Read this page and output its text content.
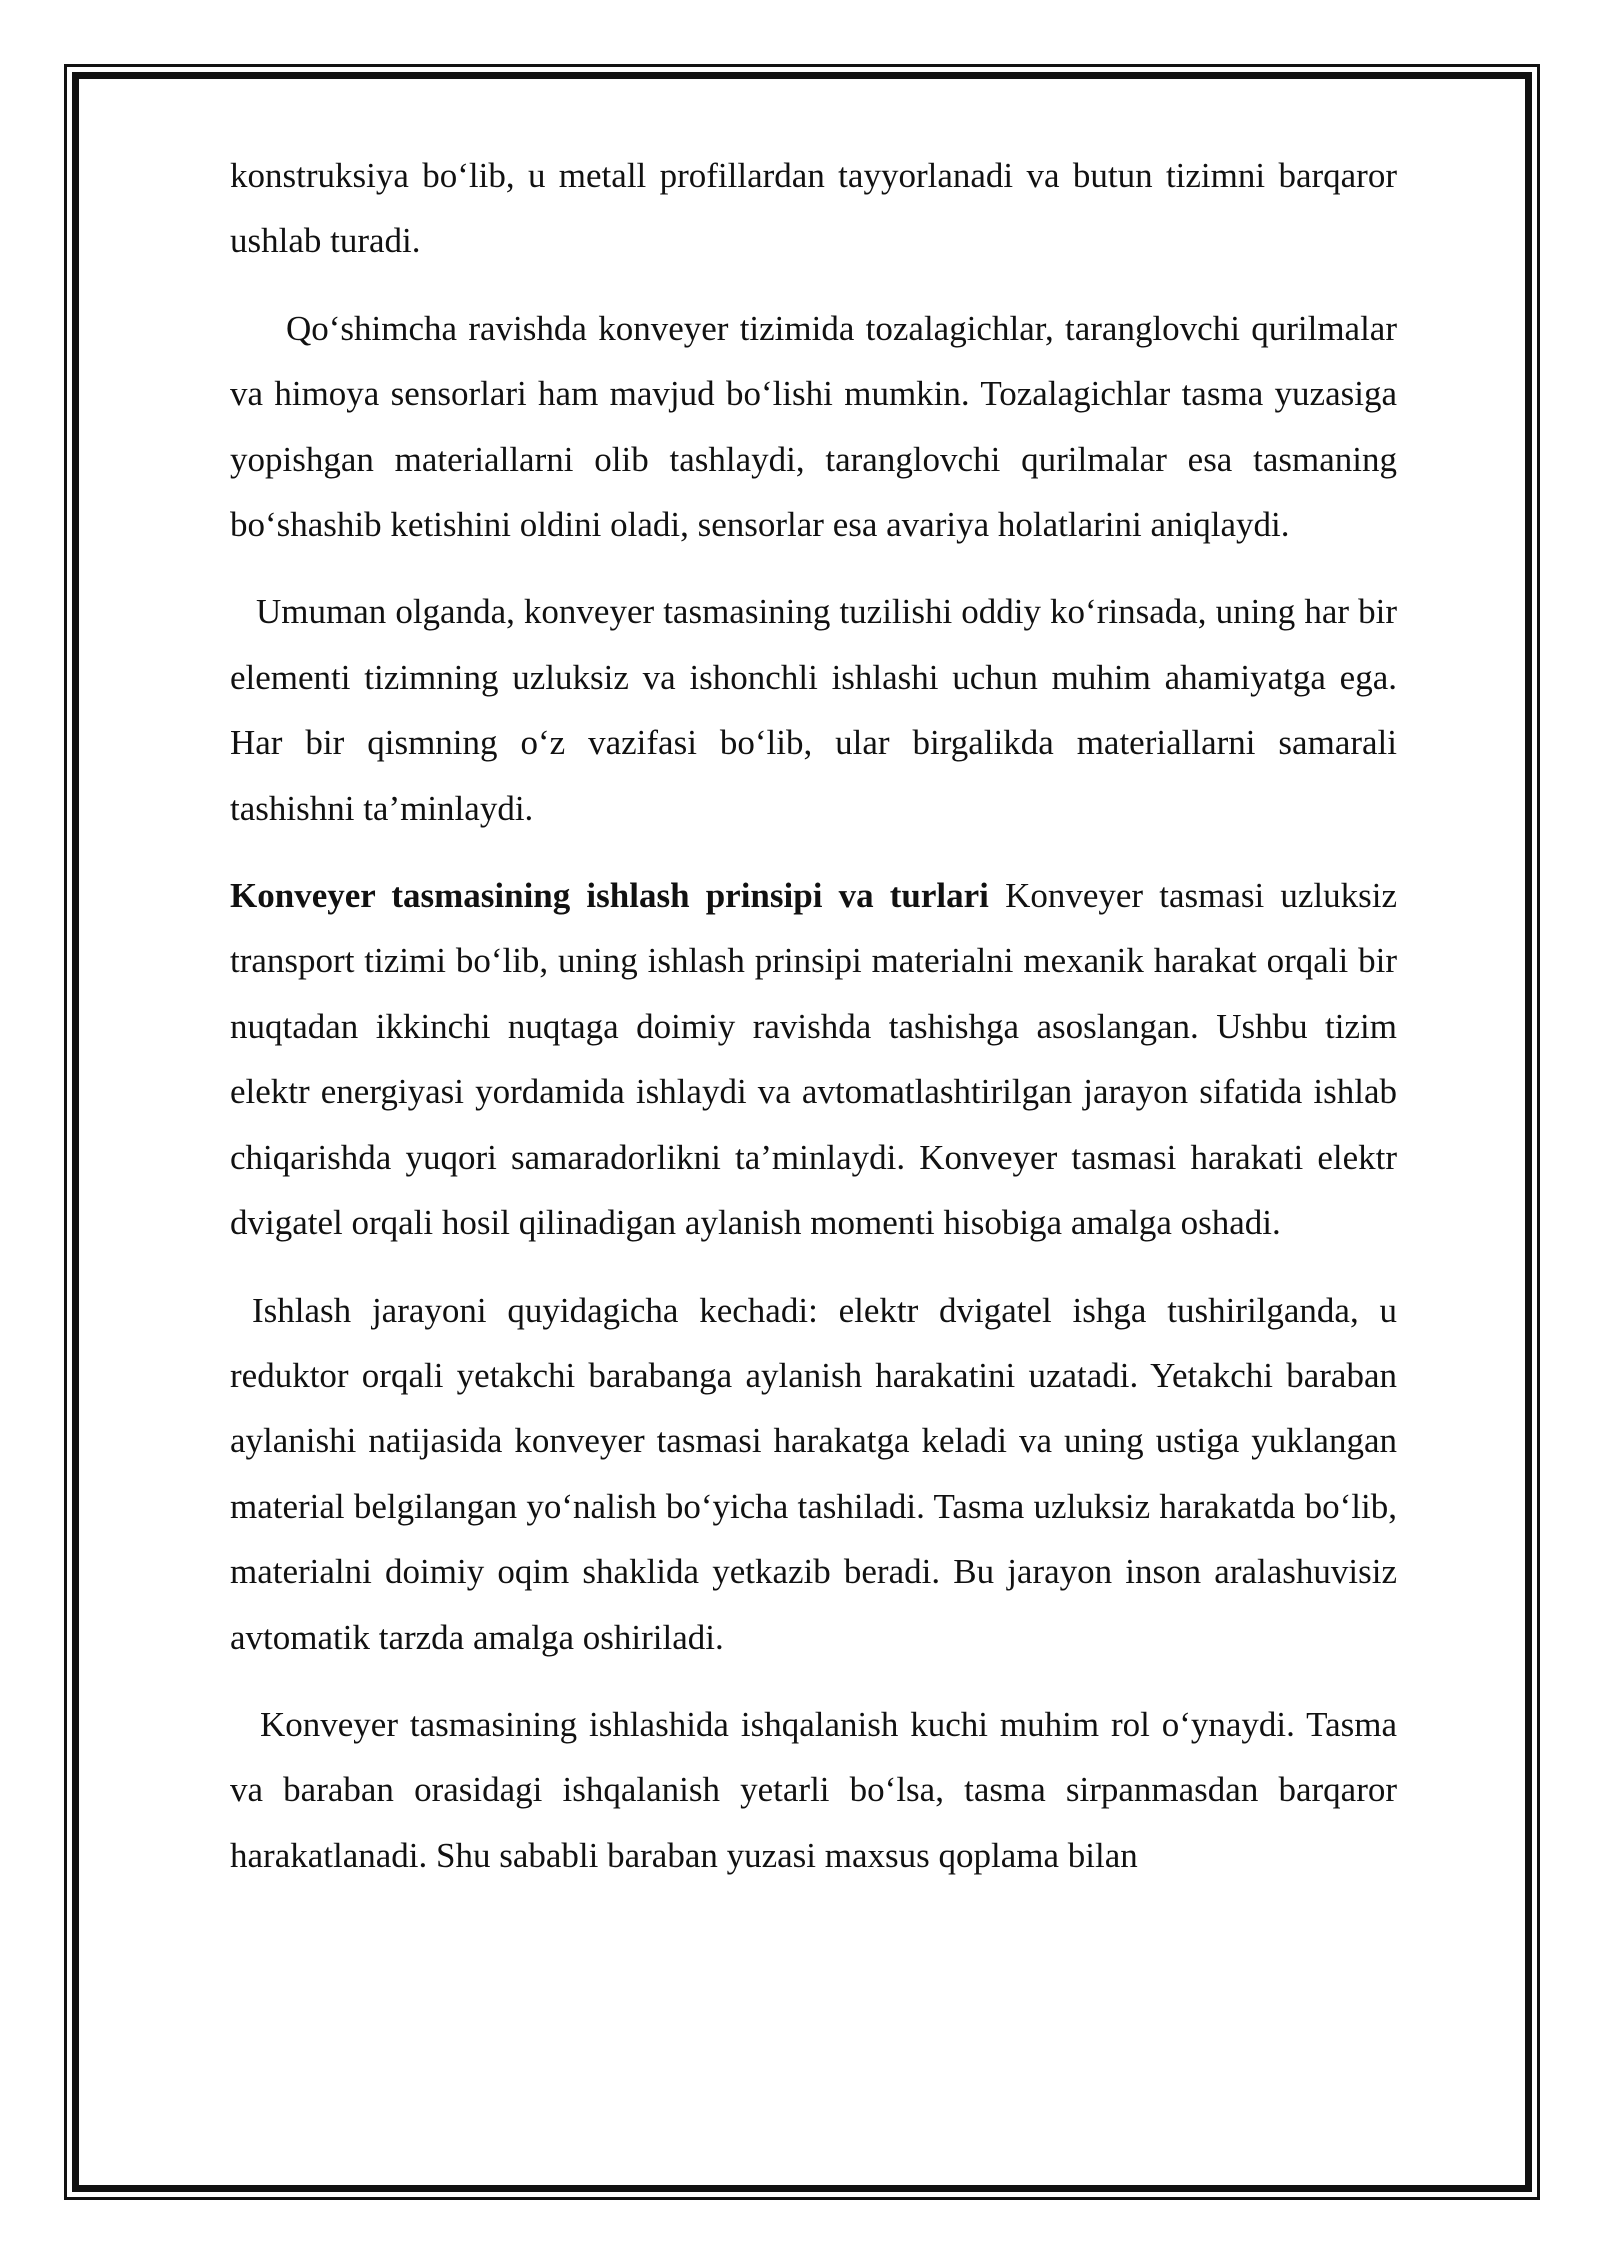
konstruksiya bo‘lib, u metall profillardan tayyorlanadi va butun tizimni barqaror ushlab turadi.

Qo‘shimcha ravishda konveyer tizimida tozalagichlar, taranglovchi qurilmalar va himoya sensorlari ham mavjud bo‘lishi mumkin. Tozalagichlar tasma yuzasiga yopishgan materiallarni olib tashlaydi, taranglovchi qurilmalar esa tasmaning bo‘shashib ketishini oldini oladi, sensorlar esa avariya holatlarini aniqlaydi.

Umuman olganda, konveyer tasmasining tuzilishi oddiy ko‘rinsada, uning har bir elementi tizimning uzluksiz va ishonchli ishlashi uchun muhim ahamiyatga ega. Har bir qismning o‘z vazifasi bo‘lib, ular birgalikda materiallarni samarali tashishni ta’minlaydi.

Konveyer tasmasining ishlash prinsipi va turlari Konveyer tasmasi uzluksiz transport tizimi bo‘lib, uning ishlash prinsipi materialni mexanik harakat orqali bir nuqtadan ikkinchi nuqtaga doimiy ravishda tashishga asoslangan. Ushbu tizim elektr energiyasi yordamida ishlaydi va avtomatlashtirilgan jarayon sifatida ishlab chiqarishda yuqori samaradorlikni ta’minlaydi. Konveyer tasmasi harakati elektr dvigatel orqali hosil qilinadigan aylanish momenti hisobiga amalga oshadi.

Ishlash jarayoni quyidagicha kechadi: elektr dvigatel ishga tushirilganda, u reduktor orqali yetakchi barabanga aylanish harakatini uzatadi. Yetakchi baraban aylanishi natijasida konveyer tasmasi harakatga keladi va uning ustiga yuklangan material belgilangan yo‘nalish bo‘yicha tashiladi. Tasma uzluksiz harakatda bo‘lib, materialni doimiy oqim shaklida yetkazib beradi. Bu jarayon inson aralashuvisiz avtomatik tarzda amalga oshiriladi.

Konveyer tasmasining ishlashida ishqalanish kuchi muhim rol o‘ynaydi. Tasma va baraban orasidagi ishqalanish yetarli bo‘lsa, tasma sirpanmasdan barqaror harakatlanadi. Shu sababli baraban yuzasi maxsus qoplama bilan
